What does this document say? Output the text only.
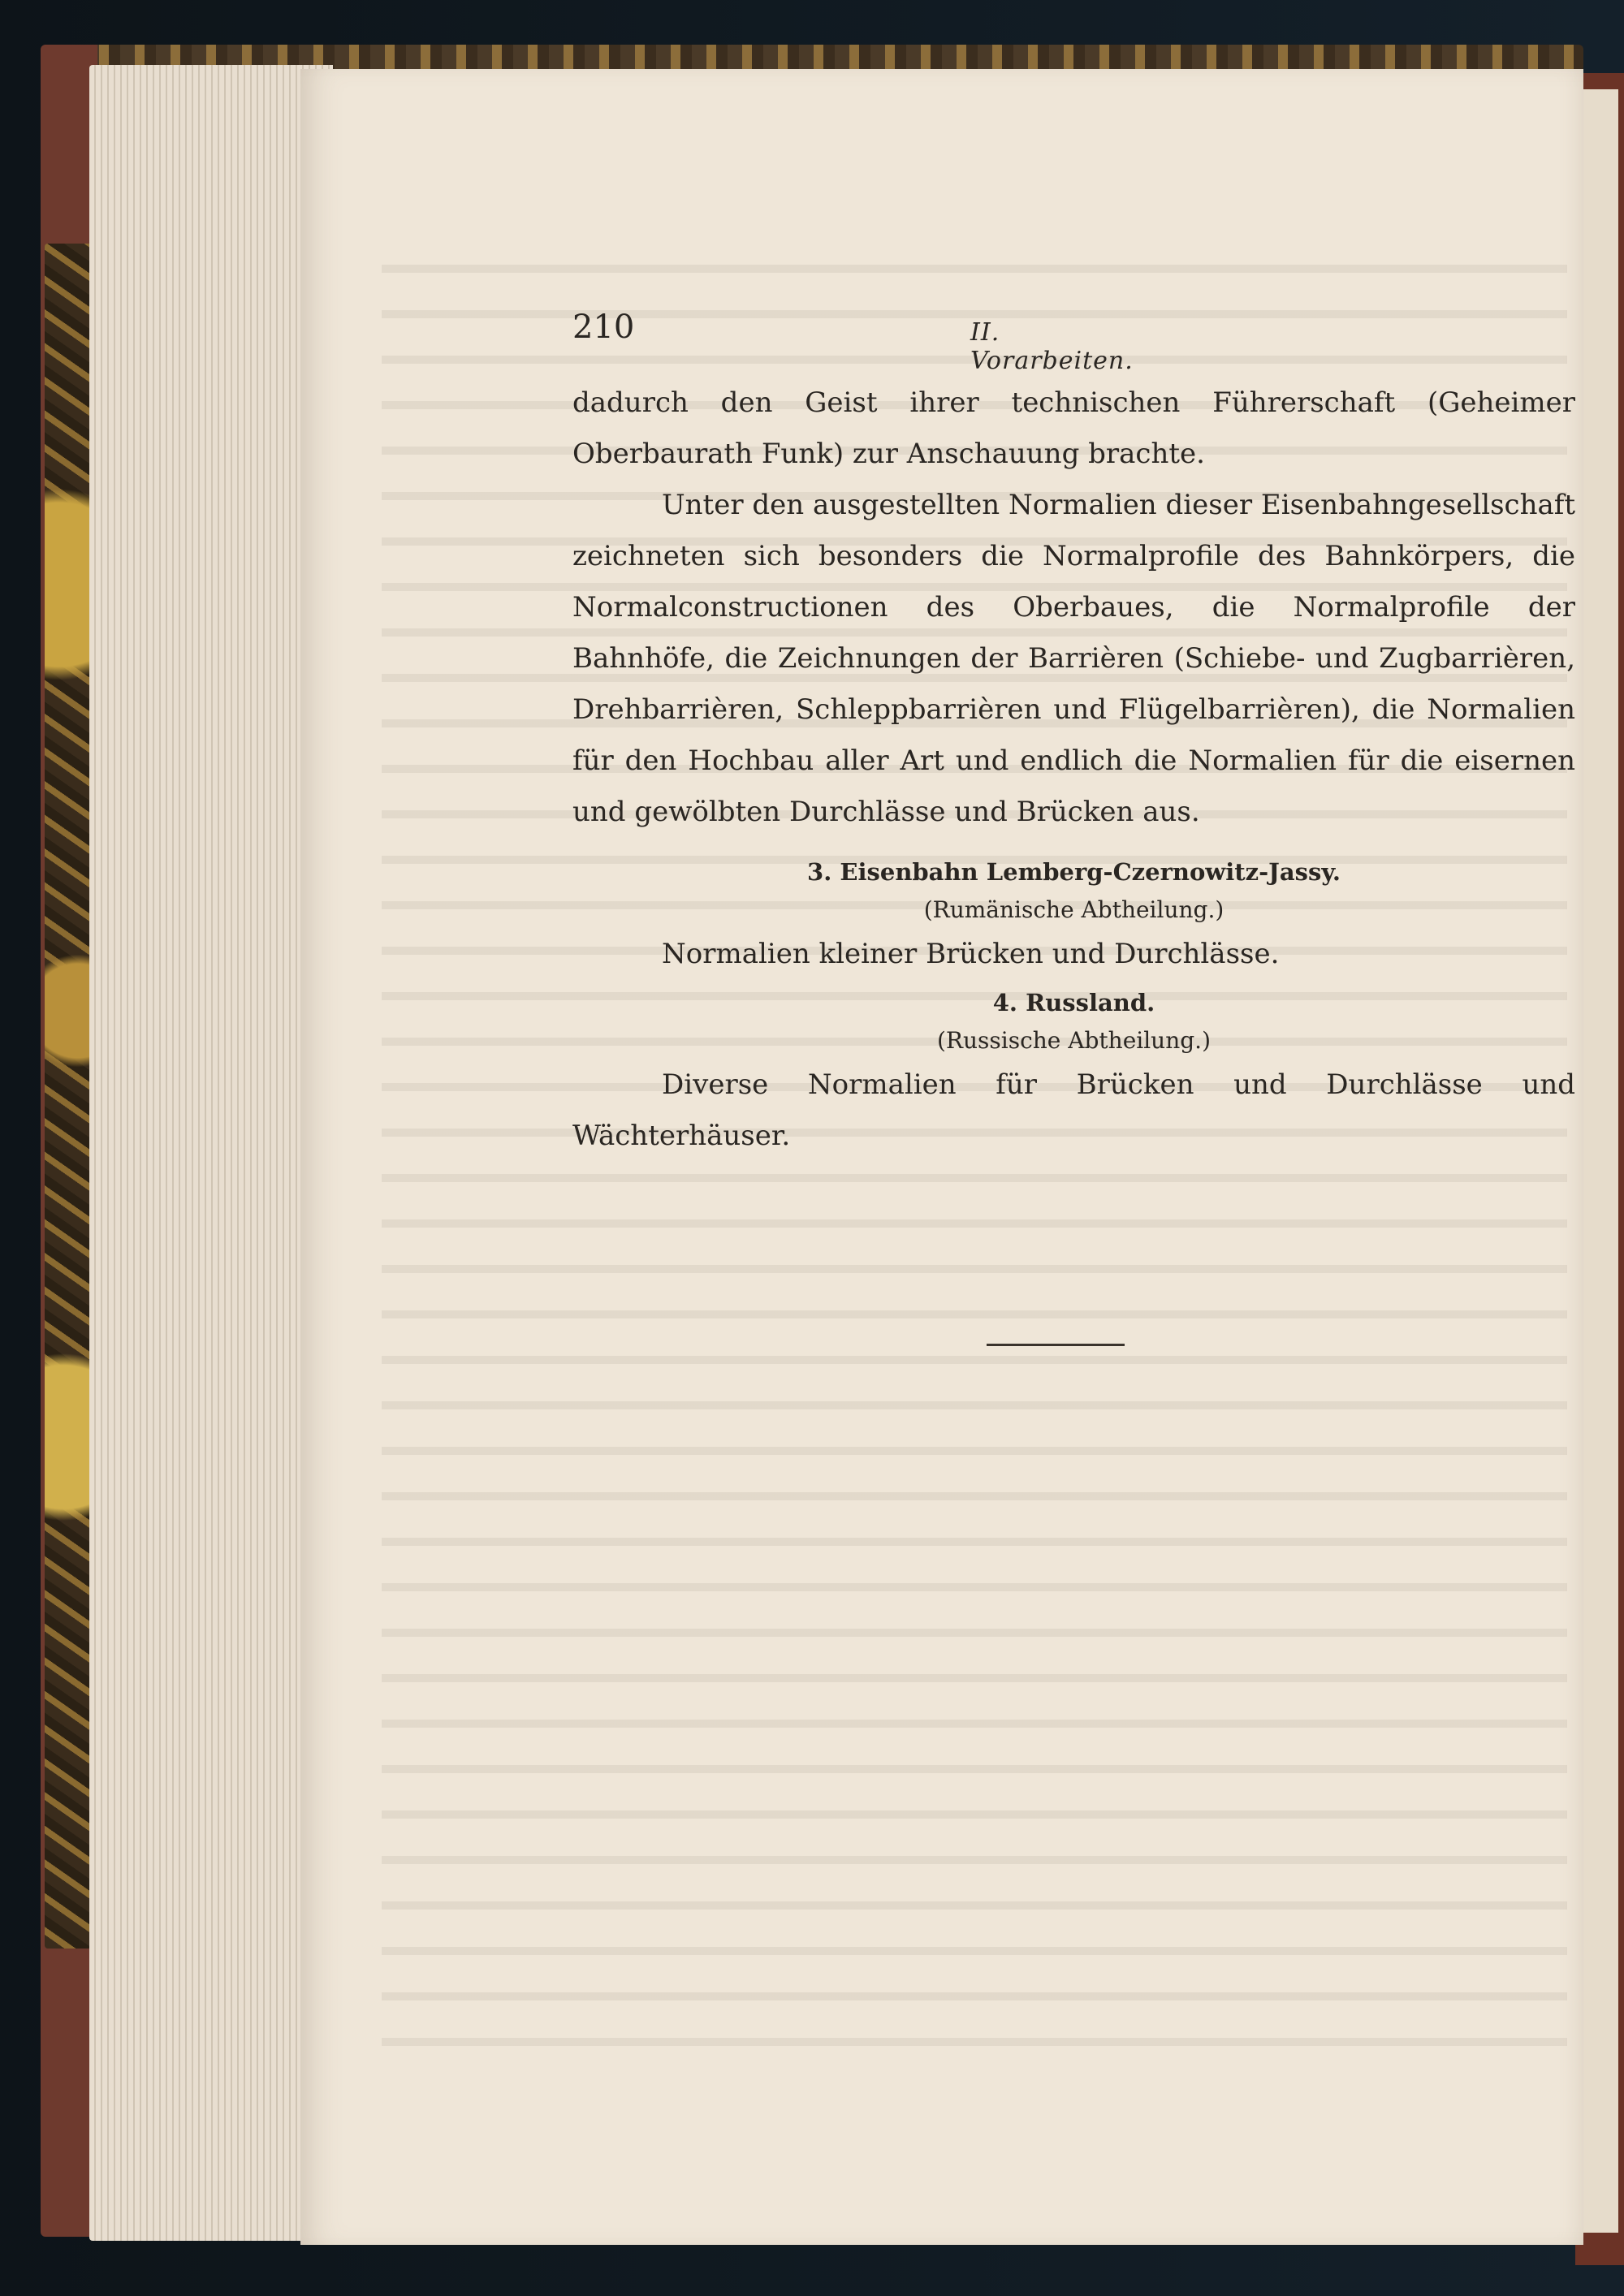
210	II. Vorarbeiten.

dadurch den Geist ihrer technischen Führerschaft (Geheimer Oberbaurath Funk) zur Anschauung brachte.

Unter den ausgestellten Normalien dieser Eisenbahngesellschaft zeichneten sich besonders die Normalprofile des Bahnkörpers, die Normalconstructionen des Oberbaues, die Normalprofile der Bahnhöfe, die Zeichnungen der Barrièren (Schiebe- und Zugbarrièren, Drehbarrièren, Schleppbarrièren und Flügelbarrièren), die Normalien für den Hochbau aller Art und endlich die Normalien für die eisernen und gewölbten Durchlässe und Brücken aus.

3. Eisenbahn Lemberg-Czernowitz-Jassy.
(Rumänische Abtheilung.)

Normalien kleiner Brücken und Durchlässe.

4. Russland.
(Russische Abtheilung.)

Diverse Normalien für Brücken und Durchlässe und Wächterhäuser.
